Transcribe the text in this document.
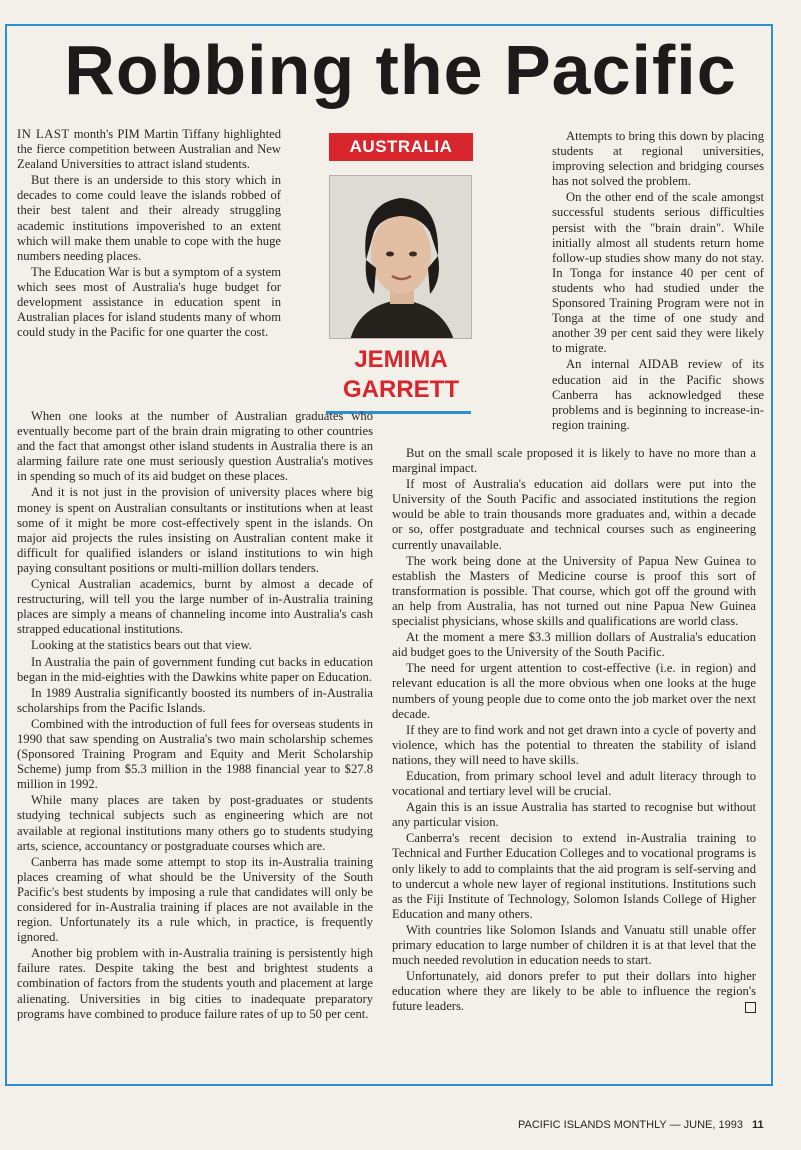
Robbing the Pacific

IN LAST month's PIM Martin Tiffany highlighted the fierce competition between Australian and New Zealand Universities to attract island students.

But there is an underside to this story which in decades to come could leave the islands robbed of their best talent and their already struggling academic institutions impoverished to an extent which will make them unable to cope with the huge numbers needing places.

The Education War is but a symptom of a system which sees most of Australia's huge budget for development assistance in education spent in Australian places for island students many of whom could study in the Pacific for one quarter the cost.

AUSTRALIA
JEMIMA
GARRETT

Attempts to bring this down by placing students at regional universities, improving selection and bridging courses has not solved the problem.

On the other end of the scale amongst successful students serious difficulties persist with the "brain drain". While initially almost all students return home follow-up studies show many do not stay. In Tonga for instance 40 per cent of students who had studied under the Sponsored Training Program were not in Tonga at the time of one study and another 39 per cent said they were likely to migrate.

An internal AIDAB review of its education aid in the Pacific shows Canberra has acknowledged these problems and is beginning to increase-in-region training.

When one looks at the number of Australian graduates who eventually become part of the brain drain migrating to other countries and the fact that amongst other island students in Australia there is an alarming failure rate one must seriously question Australia's motives in spending so much of its aid budget on these places.

And it is not just in the provision of university places where big money is spent on Australian consultants or institutions when at least some of it might be more cost-effectively spent in the islands. On major aid projects the rules insisting on Australian content make it difficult for qualified islanders or island institutions to win high paying consultant positions or multi-million dollars tenders.

Cynical Australian academics, burnt by almost a decade of restructuring, will tell you the large number of in-Australia training places are simply a means of channeling income into Australia's cash strapped educational institutions.

Looking at the statistics bears out that view.

In Australia the pain of government funding cut backs in education began in the mid-eighties with the Dawkins white paper on Education.

In 1989 Australia significantly boosted its numbers of in-Australia scholarships from the Pacific Islands.

Combined with the introduction of full fees for overseas students in 1990 that saw spending on Australia's two main scholarship schemes (Sponsored Training Program and Equity and Merit Scholarship Scheme) jump from $5.3 million in the 1988 financial year to $27.8 million in 1992.

While many places are taken by post-graduates or students studying technical subjects such as engineering which are not available at regional institutions many others go to students studying arts, science, accountancy or postgraduate courses which are.

Canberra has made some attempt to stop its in-Australia training places creaming of what should be the University of the South Pacific's best students by imposing a rule that candidates will only be considered for in-Australia training if places are not available in the region. Unfortunately its a rule which, in practice, is frequently ignored.

Another big problem with in-Australia training is persistently high failure rates. Despite taking the best and brightest students a combination of factors from the students youth and placement at large alienating. Universities in big cities to inadequate preparatory programs have combined to produce failure rates of up to 50 per cent.

But on the small scale proposed it is likely to have no more than a marginal impact.

If most of Australia's education aid dollars were put into the University of the South Pacific and associated institutions the region would be able to train thousands more graduates and, within a decade or so, offer postgraduate and technical courses such as engineering currently unavailable.

The work being done at the University of Papua New Guinea to establish the Masters of Medicine course is proof this sort of transformation is possible. That course, which got off the ground with an help from Australia, has not turned out nine Papua New Guinea specialist physicians, whose skills and qualifications are world class.

At the moment a mere $3.3 million dollars of Australia's education aid budget goes to the University of the South Pacific.

The need for urgent attention to cost-effective (i.e. in region) and relevant education is all the more obvious when one looks at the huge numbers of young people due to come onto the job market over the next decade.

If they are to find work and not get drawn into a cycle of poverty and violence, which has the potential to threaten the stability of island nations, they will need to have skills.

Education, from primary school level and adult literacy through to vocational and tertiary level will be crucial.

Again this is an issue Australia has started to recognise but without any particular vision.

Canberra's recent decision to extend in-Australia training to Technical and Further Education Colleges and to vocational programs is only likely to add to complaints that the aid program is self-serving and to undercut a whole new layer of regional institutions. Institutions such as the Fiji Institute of Technology, Solomon Islands College of Higher Education and many others.

With countries like Solomon Islands and Vanuatu still unable offer primary education to large number of children it is at that level that the much needed revolution in education needs to start.

Unfortunately, aid donors prefer to put their dollars into higher education where they are likely to be able to influence the region's future leaders.

PACIFIC ISLANDS MONTHLY — JUNE, 1993 11
